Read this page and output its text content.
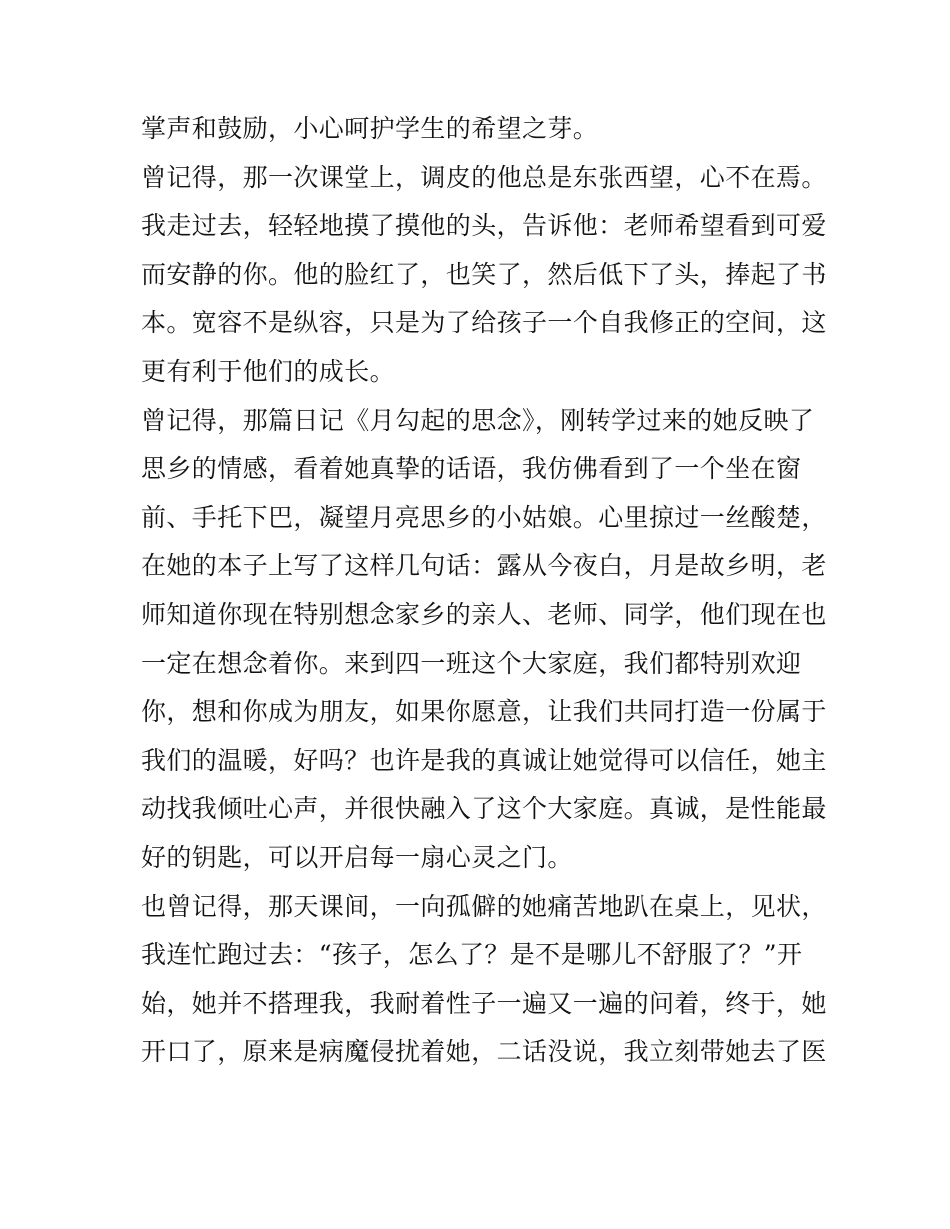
掌声和鼓励，小心呵护学生的希望之芽。
曾记得，那一次课堂上，调皮的他总是东张西望，心不在焉。
我走过去，轻轻地摸了摸他的头，告诉他：老师希望看到可爱
而安静的你。他的脸红了，也笑了，然后低下了头，捧起了书
本。宽容不是纵容，只是为了给孩子一个自我修正的空间，这
更有利于他们的成长。
曾记得，那篇日记《月勾起的思念》，刚转学过来的她反映了
思乡的情感，看着她真挚的话语，我仿佛看到了一个坐在窗
前、手托下巴，凝望月亮思乡的小姑娘。心里掠过一丝酸楚，
在她的本子上写了这样几句话：露从今夜白，月是故乡明，老
师知道你现在特别想念家乡的亲人、老师、同学，他们现在也
一定在想念着你。来到四一班这个大家庭，我们都特别欢迎
你，想和你成为朋友，如果你愿意，让我们共同打造一份属于
我们的温暖，好吗？也许是我的真诚让她觉得可以信任，她主
动找我倾吐心声，并很快融入了这个大家庭。真诚，是性能最
好的钥匙，可以开启每一扇心灵之门。
也曾记得，那天课间，一向孤僻的她痛苦地趴在桌上，见状，
我连忙跑过去：“孩子，怎么了？是不是哪儿不舒服了？”开
始，她并不搭理我，我耐着性子一遍又一遍的问着，终于，她
开口了，原来是病魔侵扰着她，二话没说，我立刻带她去了医
